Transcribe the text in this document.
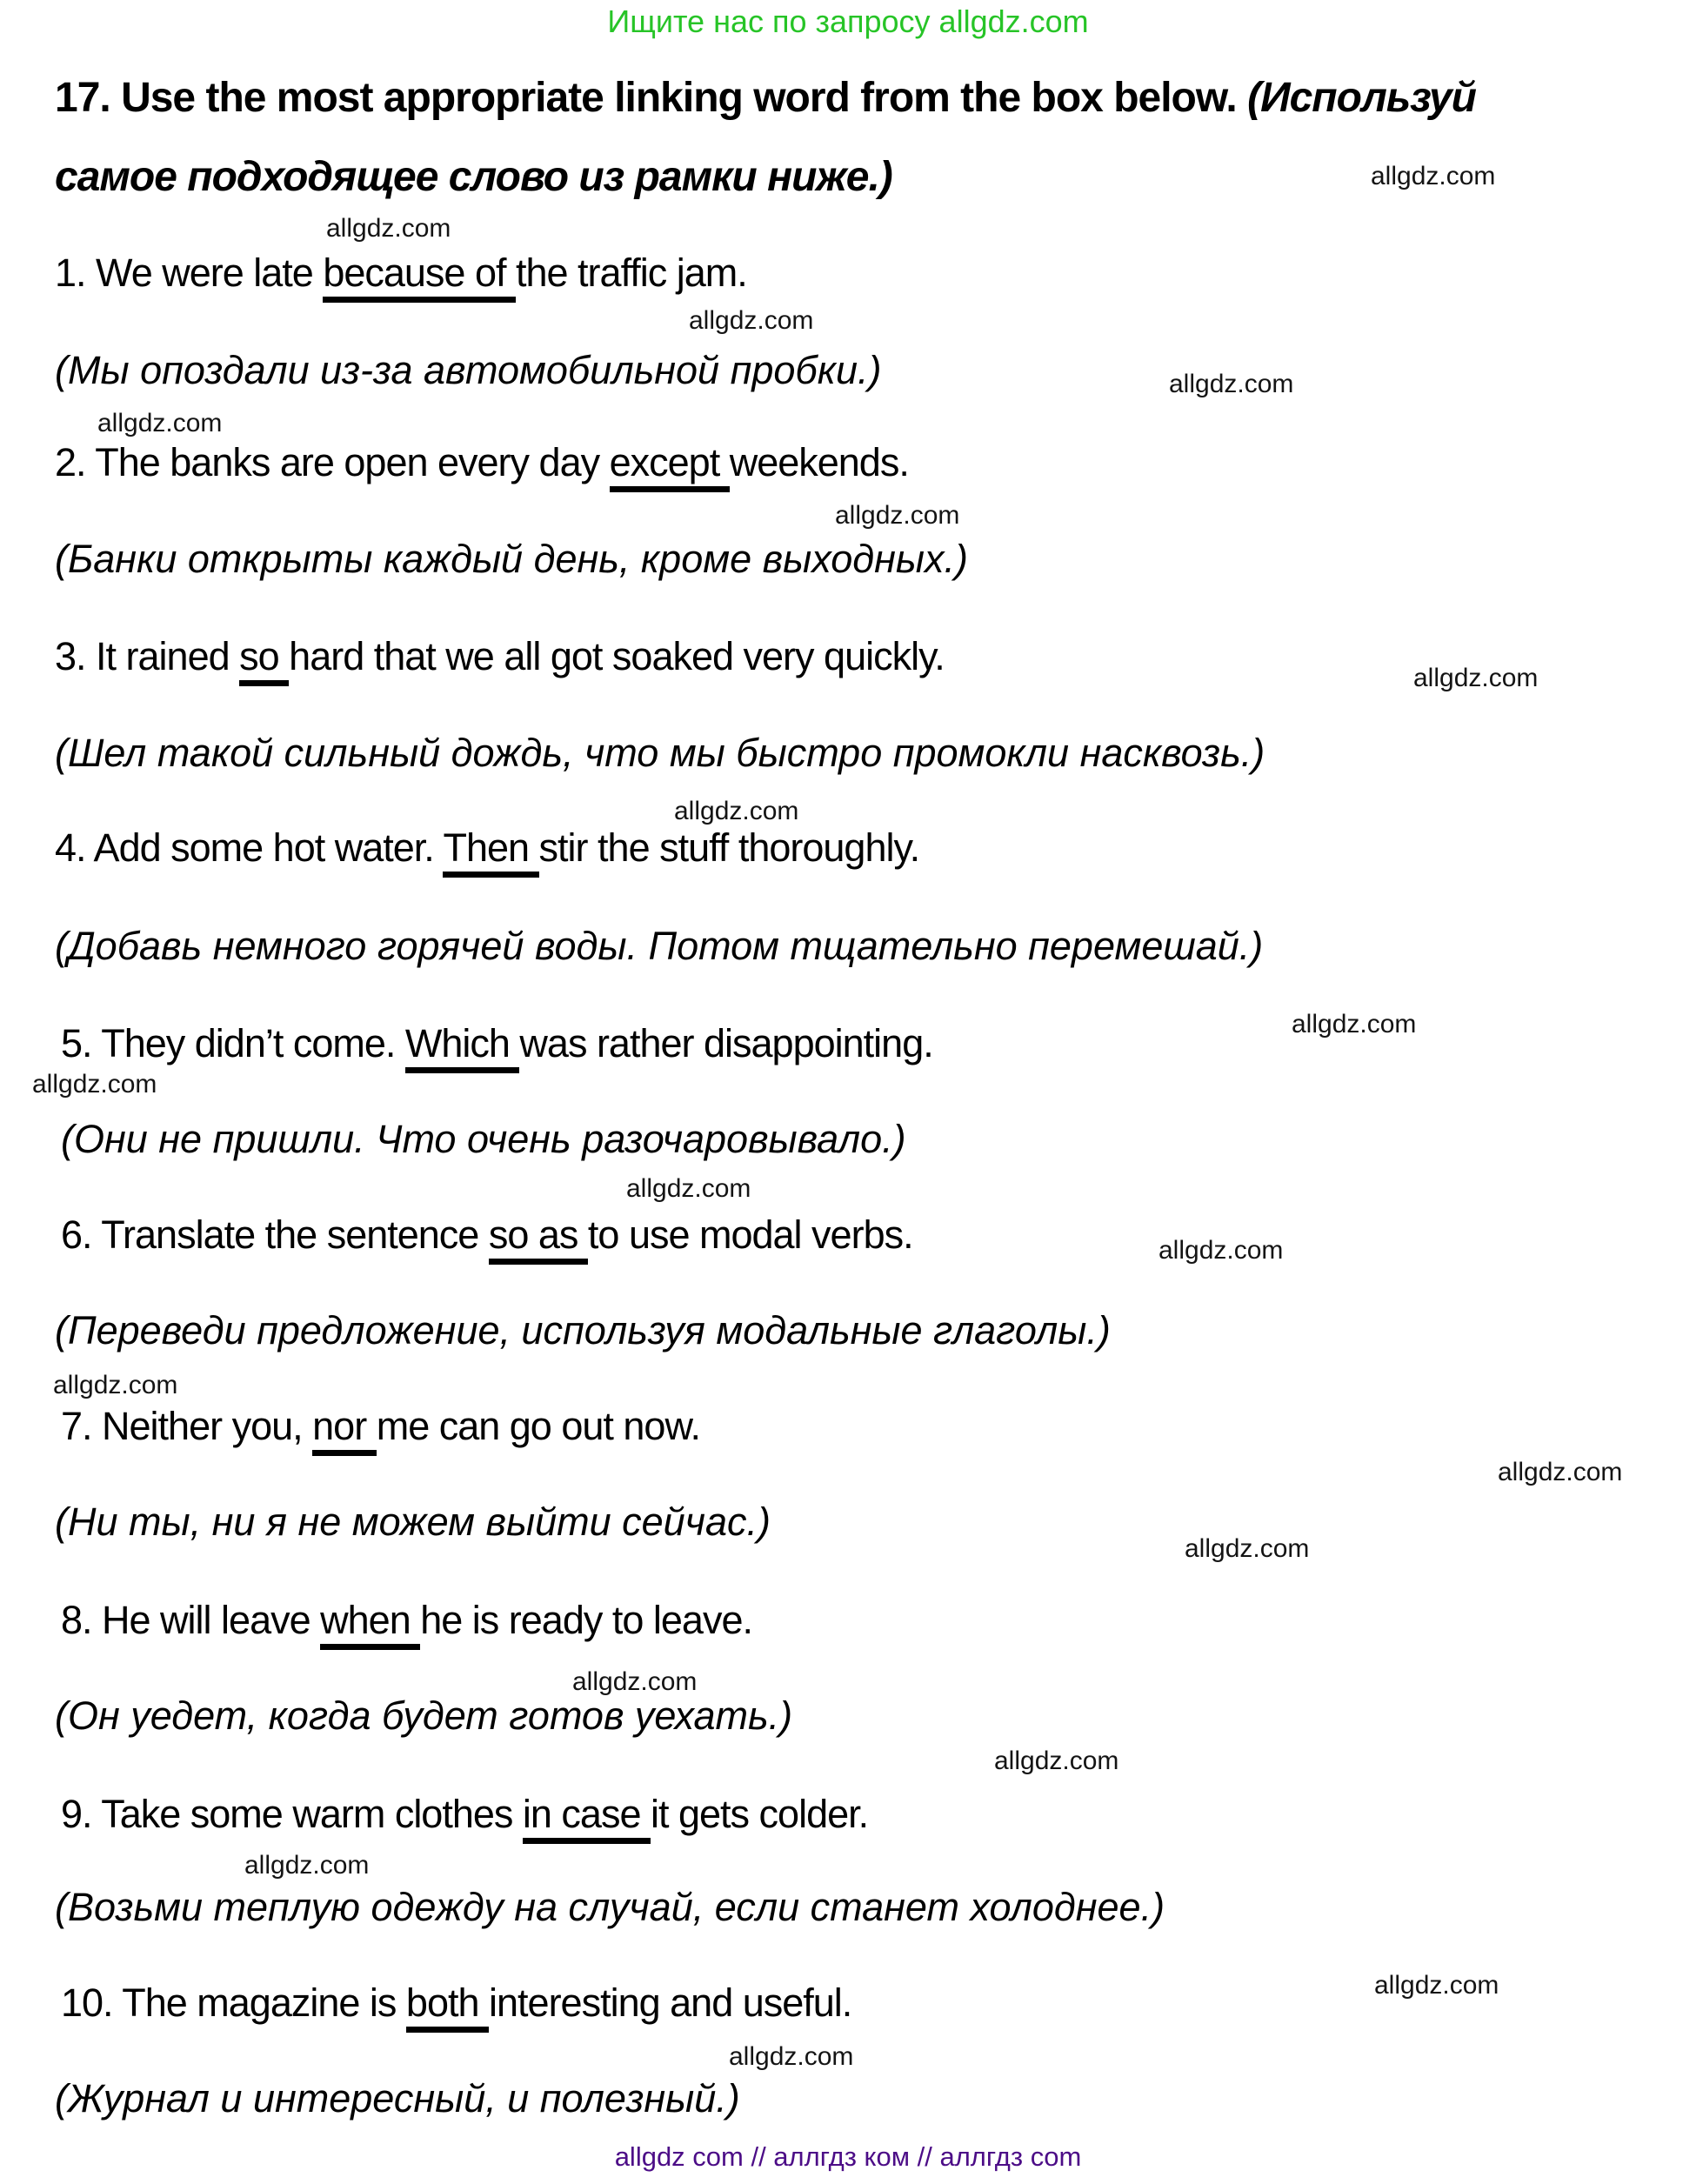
Ищите нас по запросу allgdz.com
17. Use the most appropriate linking word from the box below. (Используй
самое подходящее слово из рамки ниже.)
1. We were late because of the traffic jam.
(Мы опоздали из-за автомобильной пробки.)
2. The banks are open every day except weekends.
(Банки открыты каждый день, кроме выходных.)
3. It rained so hard that we all got soaked very quickly.
(Шел такой сильный дождь, что мы быстро промокли насквозь.)
4. Add some hot water. Then stir the stuff thoroughly.
(Добавь немного горячей воды. Потом тщательно перемешай.)
5. They didn’t come. Which was rather disappointing.
(Они не пришли. Что очень разочаровывало.)
6. Translate the sentence so as to use modal verbs.
(Переведи предложение, используя модальные глаголы.)
7. Neither you, nor me can go out now.
(Ни ты, ни я не можем выйти сейчас.)
8. He will leave when he is ready to leave.
(Он уедет, когда будет готов уехать.)
9. Take some warm clothes in case it gets colder.
(Возьми теплую одежду на случай, если станет холоднее.)
10. The magazine is both interesting and useful.
(Журнал и интересный, и полезный.)
allgdz.com
allgdz.com
allgdz.com
allgdz.com
allgdz.com
allgdz.com
allgdz.com
allgdz.com
allgdz.com
allgdz.com
allgdz.com
allgdz.com
allgdz.com
allgdz.com
allgdz.com
allgdz.com
allgdz.com
allgdz.com
allgdz.com
allgdz.com
allgdz com // аллгдз ком // аллгдз com
